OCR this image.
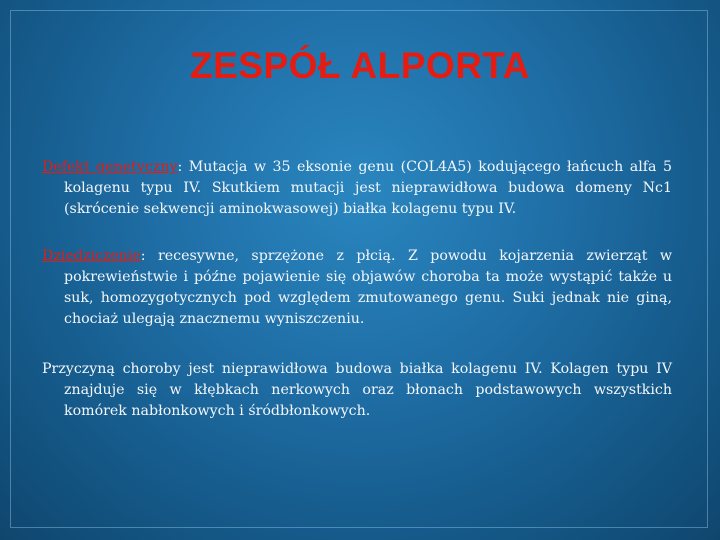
ZESPÓŁ ALPORTA

Defekt genetyczny: Mutacja w 35 eksonie genu (COL4A5) kodującego łańcuch alfa 5 kolagenu typu IV. Skutkiem mutacji jest nieprawidłowa budowa domeny Nc1 (skrócenie sekwencji aminokwasowej) białka kolagenu typu IV.

Dziedziczenie: recesywne, sprzężone z płcią. Z powodu kojarzenia zwierząt w pokrewieństwie i późne pojawienie się objawów choroba ta może wystąpić także u suk, homozygotycznych pod względem zmutowanego genu. Suki jednak nie giną, chociaż ulegają znacznemu wyniszczeniu.

Przyczyną choroby jest nieprawidłowa budowa białka kolagenu IV. Kolagen typu IV znajduje się w kłębkach nerkowych oraz błonach podstawowych wszystkich komórek nabłonkowych i śródbłonkowych.
